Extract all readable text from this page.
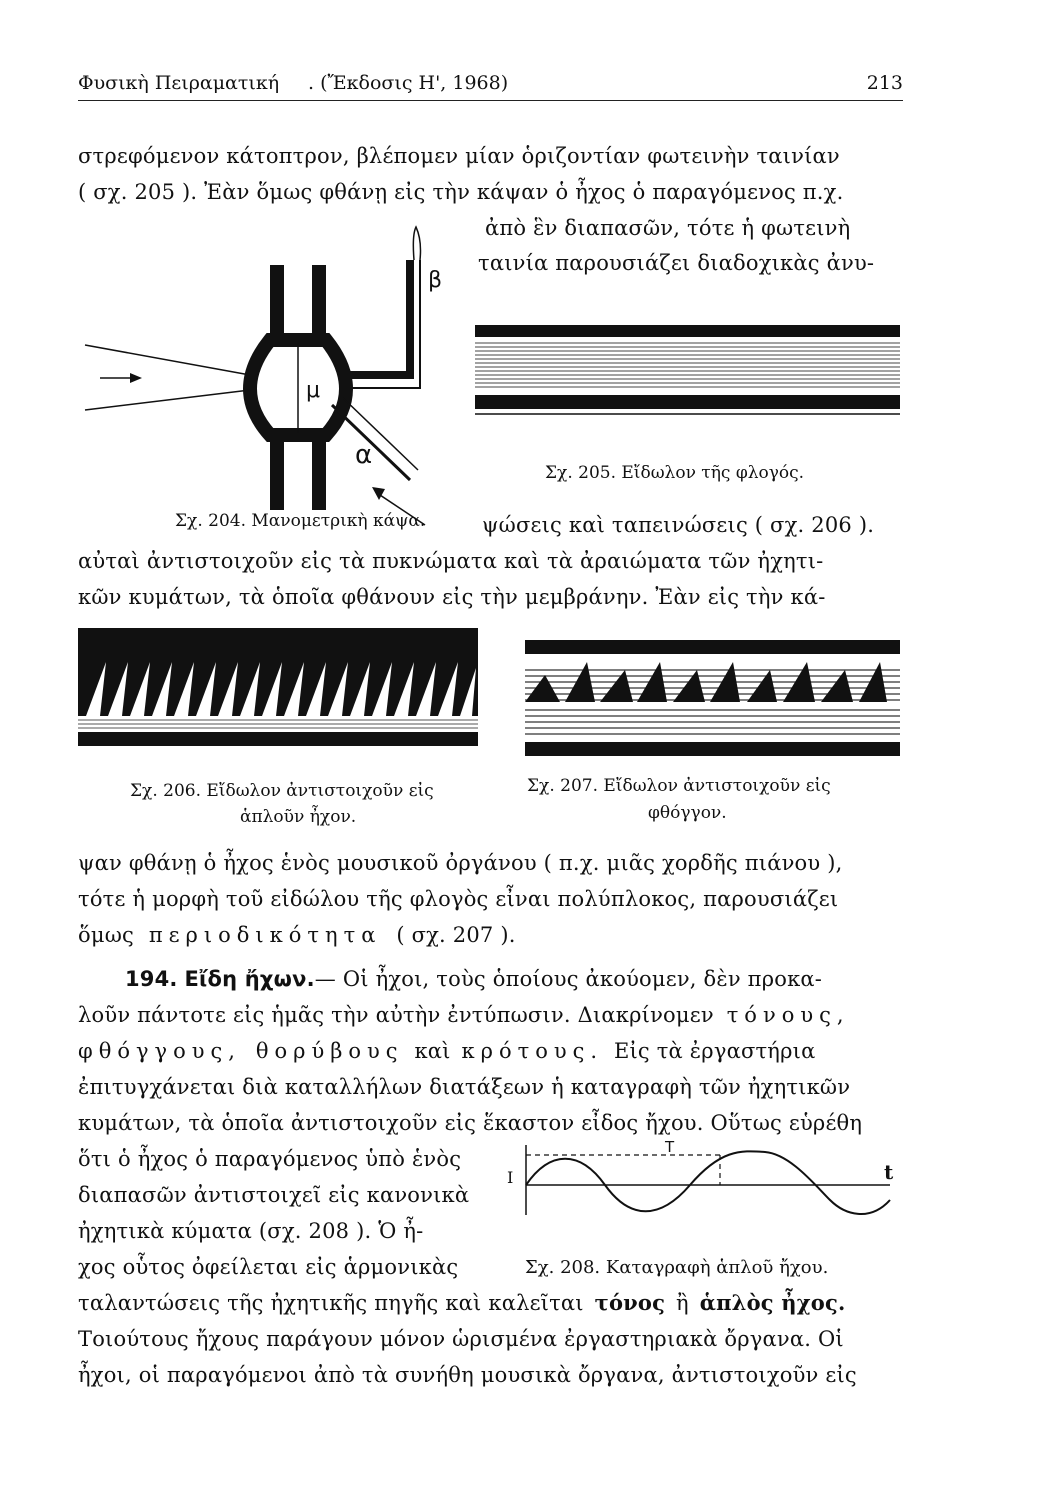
Φυσικὴ Πειραματική . (Ἔκδοσις Η', 1968)	213
στρεφόμενον κάτοπτρον, βλέπομεν μίαν ὁριζοντίαν φωτεινὴν ταινίαν
( σχ. 205 ). Ἐὰν ὅμως φθάνῃ εἰς τὴν κάψαν ὁ ἦχος ὁ παραγόμενος π.χ.
ἀπὸ ἓν διαπασῶν, τότε ἡ φωτεινὴ
ταινία παρουσιάζει διαδοχικὰς ἀνυ-
β
μ
α
Σχ. 204. Μανομετρικὴ κάψα.
Σχ. 205. Εἴδωλον τῆς φλογός.
ψώσεις καὶ ταπεινώσεις ( σχ. 206 ).
αὐταὶ ἀντιστοιχοῦν εἰς τὰ πυκνώματα καὶ τὰ ἀραιώματα τῶν ἠχητι-
κῶν κυμάτων, τὰ ὁποῖα φθάνουν εἰς τὴν μεμβράνην. Ἐὰν εἰς τὴν κά-
Σχ. 206. Εἴδωλον ἀντιστοιχοῦν εἰς
ἁπλοῦν ἦχον.
Σχ. 207. Εἴδωλον ἀντιστοιχοῦν εἰς
φθόγγον.
ψαν φθάνῃ ὁ ἦχος ἑνὸς μουσικοῦ ὀργάνου ( π.χ. μιᾶς χορδῆς πιάνου ),
τότε ἡ μορφὴ τοῦ εἰδώλου τῆς φλογὸς εἶναι πολύπλοκος, παρουσιάζει
ὅμως περιοδικότητα ( σχ. 207 ).
194. Εἴδη ἤχων.— Οἱ ἦχοι, τοὺς ὁποίους ἀκούομεν, δὲν προκα-
λοῦν πάντοτε εἰς ἡμᾶς τὴν αὐτὴν ἐντύπωσιν. Διακρίνομεν τόνους,
φθόγγους, θορύβους καὶ κρότους. Εἰς τὰ ἐργαστήρια
ἐπιτυγχάνεται διὰ καταλλήλων διατάξεων ἡ καταγραφὴ τῶν ἠχητικῶν
κυμάτων, τὰ ὁποῖα ἀντιστοιχοῦν εἰς ἕκαστον εἶδος ἤχου. Οὕτως εὑρέθη
ὅτι ὁ ἦχος ὁ παραγόμενος ὑπὸ ἑνὸς
διαπασῶν ἀντιστοιχεῖ εἰς κανονικὰ
ἠχητικὰ κύματα (σχ. 208 ). Ὁ ἦ-
χος οὗτος ὀφείλεται εἰς ἁρμονικὰς
T
I	t
Σχ. 208. Καταγραφὴ ἁπλοῦ ἤχου.
ταλαντώσεις τῆς ἠχητικῆς πηγῆς καὶ καλεῖται τόνος ἢ ἁπλὸς ἦχος.
Τοιούτους ἤχους παράγουν μόνον ὡρισμένα ἐργαστηριακὰ ὄργανα. Οἱ
ἦχοι, οἱ παραγόμενοι ἀπὸ τὰ συνήθη μουσικὰ ὄργανα, ἀντιστοιχοῦν εἰς
